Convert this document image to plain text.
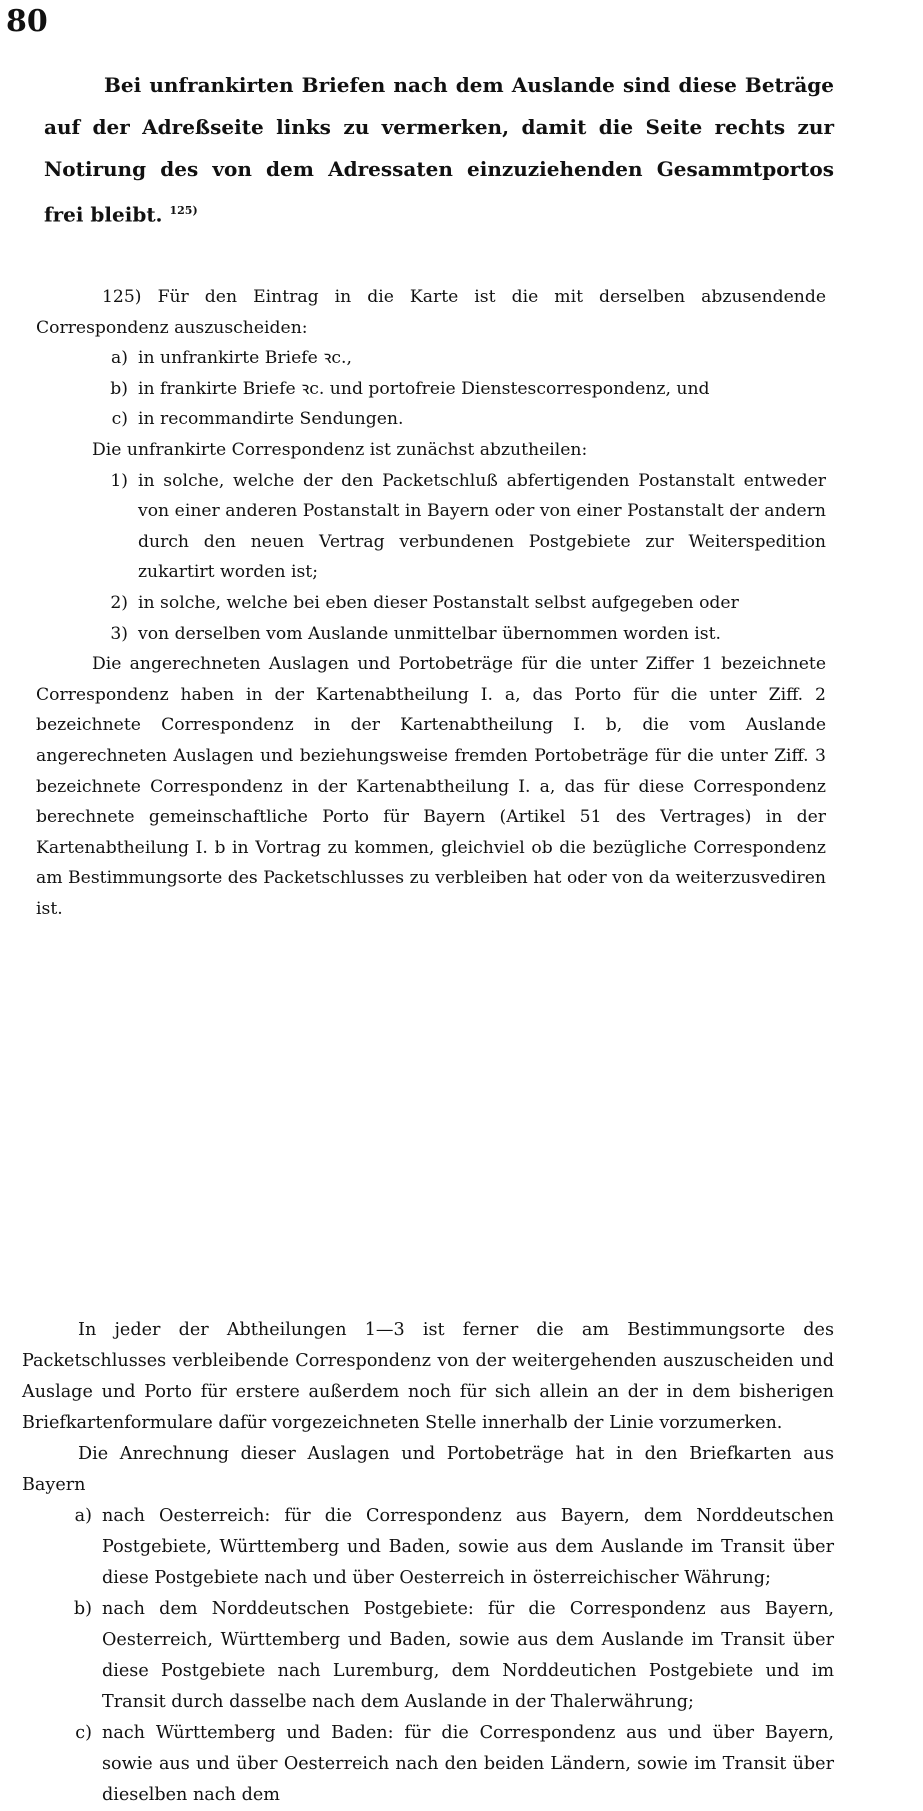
80
Bei unfrankirten Briefen nach dem Auslande sind diese Beträge auf der Adreßseite links zu vermerken, damit die Seite rechts zur Notirung des von dem Adressaten einzuziehenden Gesammtportos frei bleibt. $^{125)}$

125) Für den Eintrag in die Karte ist die mit derselben abzusendende Correspondenz auszuscheiden:

a) in unfrankirte Briefe ꝛc.,
b) in frankirte Briefe ꝛc. und portofreie Dienstescorrespondenz, und
c) in recommandirte Sendungen.

Die unfrankirte Correspondenz ist zunächst abzutheilen:

1) in solche, welche der den Packetschluß abfertigenden Postanstalt entweder von einer anderen Postanstalt in Bayern oder von einer Postanstalt der andern durch den neuen Vertrag verbundenen Postgebiete zur Weiterspedition zukartirt worden ist;
2) in solche, welche bei eben dieser Postanstalt selbst aufgegeben oder
3) von derselben vom Auslande unmittelbar übernommen worden ist.

Die angerechneten Auslagen und Portobeträge für die unter Ziffer 1 bezeichnete Correspondenz haben in der Kartenabtheilung I. a, das Porto für die unter Ziff. 2 bezeichnete Correspondenz in der Kartenabtheilung I. b, die vom Auslande angerechneten Auslagen und beziehungsweise fremden Portobeträge für die unter Ziff. 3 bezeichnete Correspondenz in der Kartenabtheilung I. a, das für diese Correspondenz berechnete gemeinschaftliche Porto für Bayern (Artikel 51 des Vertrages) in der Kartenabtheilung I. b in Vortrag zu kommen, gleichviel ob die bezügliche Correspondenz am Bestimmungsorte des Packetschlusses zu verbleiben hat oder von da weiterzusvediren ist.

In jeder der Abtheilungen 1—3 ist ferner die am Bestimmungsorte des Packetschlusses verbleibende Correspondenz von der weitergehenden auszuscheiden und Auslage und Porto für erstere außerdem noch für sich allein an der in dem bisherigen Briefkartenformulare dafür vorgezeichneten Stelle innerhalb der Linie vorzumerken.

Die Anrechnung dieser Auslagen und Portobeträge hat in den Briefkarten aus Bayern

a) nach Oesterreich: für die Correspondenz aus Bayern, dem Norddeutschen Postgebiete, Württemberg und Baden, sowie aus dem Auslande im Transit über diese Postgebiete nach und über Oesterreich in österreichischer Währung;
b) nach dem Norddeutschen Postgebiete: für die Correspondenz aus Bayern, Oesterreich, Württemberg und Baden, sowie aus dem Auslande im Transit über diese Postgebiete nach Luremburg, dem Norddeutichen Postgebiete und im Transit durch dasselbe nach dem Auslande in der Thalerwährung;
c) nach Württemberg und Baden: für die Correspondenz aus und über Bayern, sowie aus und über Oesterreich nach den beiden Ländern, sowie im Transit über dieselben nach dem
